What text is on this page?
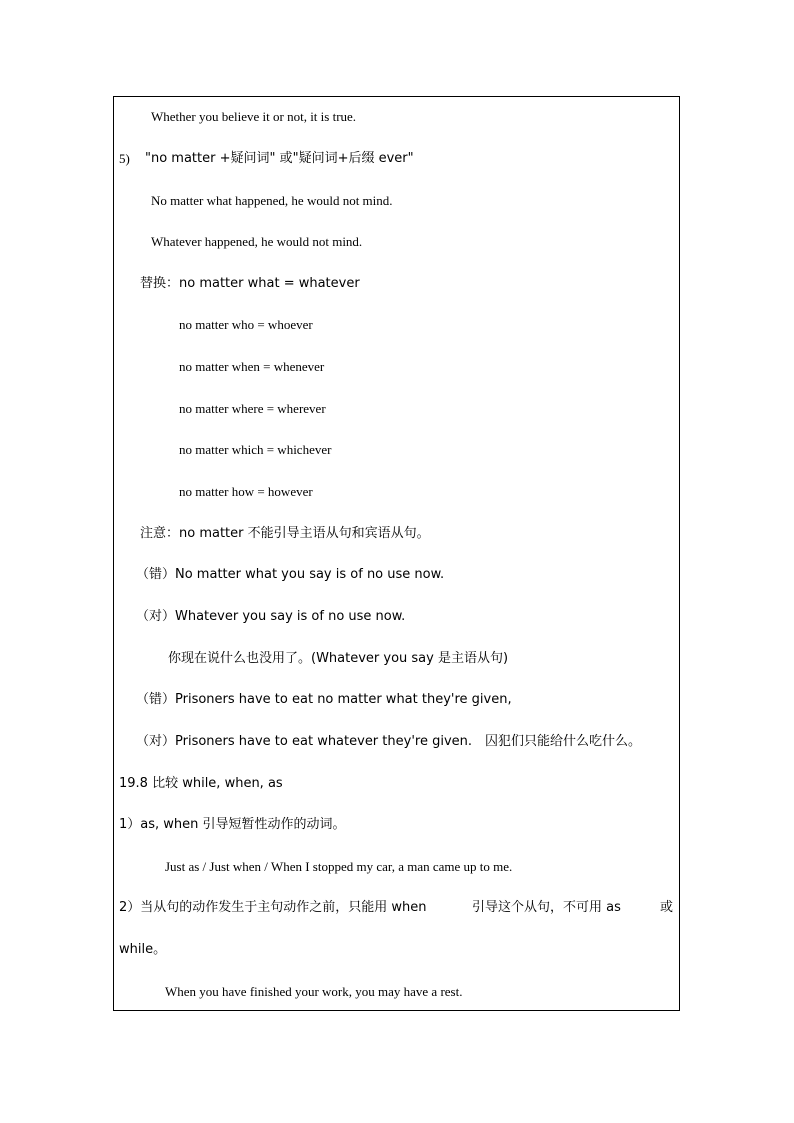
Whether you believe it or not, it is true.
5) "no matter +疑问词" 或"疑问词+后缀 ever"
No matter what happened, he would not mind.
Whatever happened, he would not mind.
替换：no matter what = whatever
no matter who = whoever
no matter when = whenever
no matter where = wherever
no matter which = whichever
no matter how = however
注意：no matter 不能引导主语从句和宾语从句。
（错）No matter what you say is of no use now.
（对）Whatever you say is of no use now.
你现在说什么也没用了。(Whatever you say 是主语从句)
（错）Prisoners have to eat no matter what they're given,
（对）Prisoners have to eat whatever they're given.　囚犯们只能给什么吃什么。
19.8 比较 while, when, as
1）as, when 引导短暂性动作的动词。
Just as / Just when / When I stopped my car, a man came up to me.
2）当从句的动作发生于主句动作之前，只能用 when	引导这个从句，不可用 as	或
while。
When you have finished your work, you may have a rest.
